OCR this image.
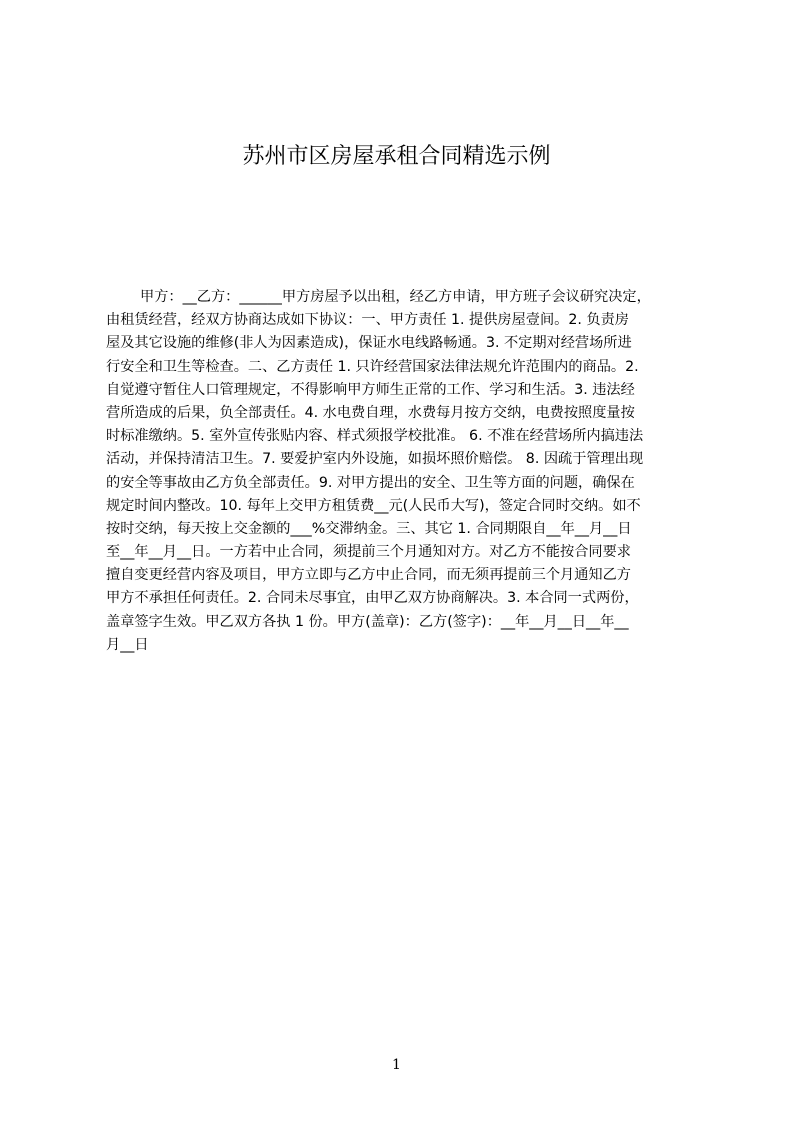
苏州市区房屋承租合同精选示例

甲方：__乙方：______甲方房屋予以出租，经乙方申请，甲方班子会议研究决定，

由租赁经营，经双方协商达成如下协议：一、甲方责任 1. 提供房屋壹间。2. 负责房

屋及其它设施的维修(非人为因素造成)，保证水电线路畅通。3. 不定期对经营场所进

行安全和卫生等检查。二、乙方责任 1. 只许经营国家法律法规允许范围内的商品。2.

自觉遵守暂住人口管理规定，不得影响甲方师生正常的工作、学习和生活。3. 违法经

营所造成的后果，负全部责任。4. 水电费自理，水费每月按方交纳，电费按照度量按

时标准缴纳。5. 室外宣传张贴内容、样式须报学校批准。 6. 不准在经营场所内搞违法

活动，并保持清洁卫生。7. 要爱护室内外设施，如损坏照价赔偿。 8. 因疏于管理出现

的安全等事故由乙方负全部责任。9. 对甲方提出的安全、卫生等方面的问题，确保在

规定时间内整改。10. 每年上交甲方租赁费__元(人民币大写)，签定合同时交纳。如不

按时交纳，每天按上交金额的___%交滞纳金。三、其它 1. 合同期限自__年__月__日

至__年__月__日。一方若中止合同，须提前三个月通知对方。对乙方不能按合同要求

擅自变更经营内容及项目，甲方立即与乙方中止合同，而无须再提前三个月通知乙方

甲方不承担任何责任。2. 合同未尽事宜，由甲乙双方协商解决。3. 本合同一式两份，

盖章签字生效。甲乙双方各执 1 份。甲方(盖章)：乙方(签字)：__年__月__日__年__

月__日

1
